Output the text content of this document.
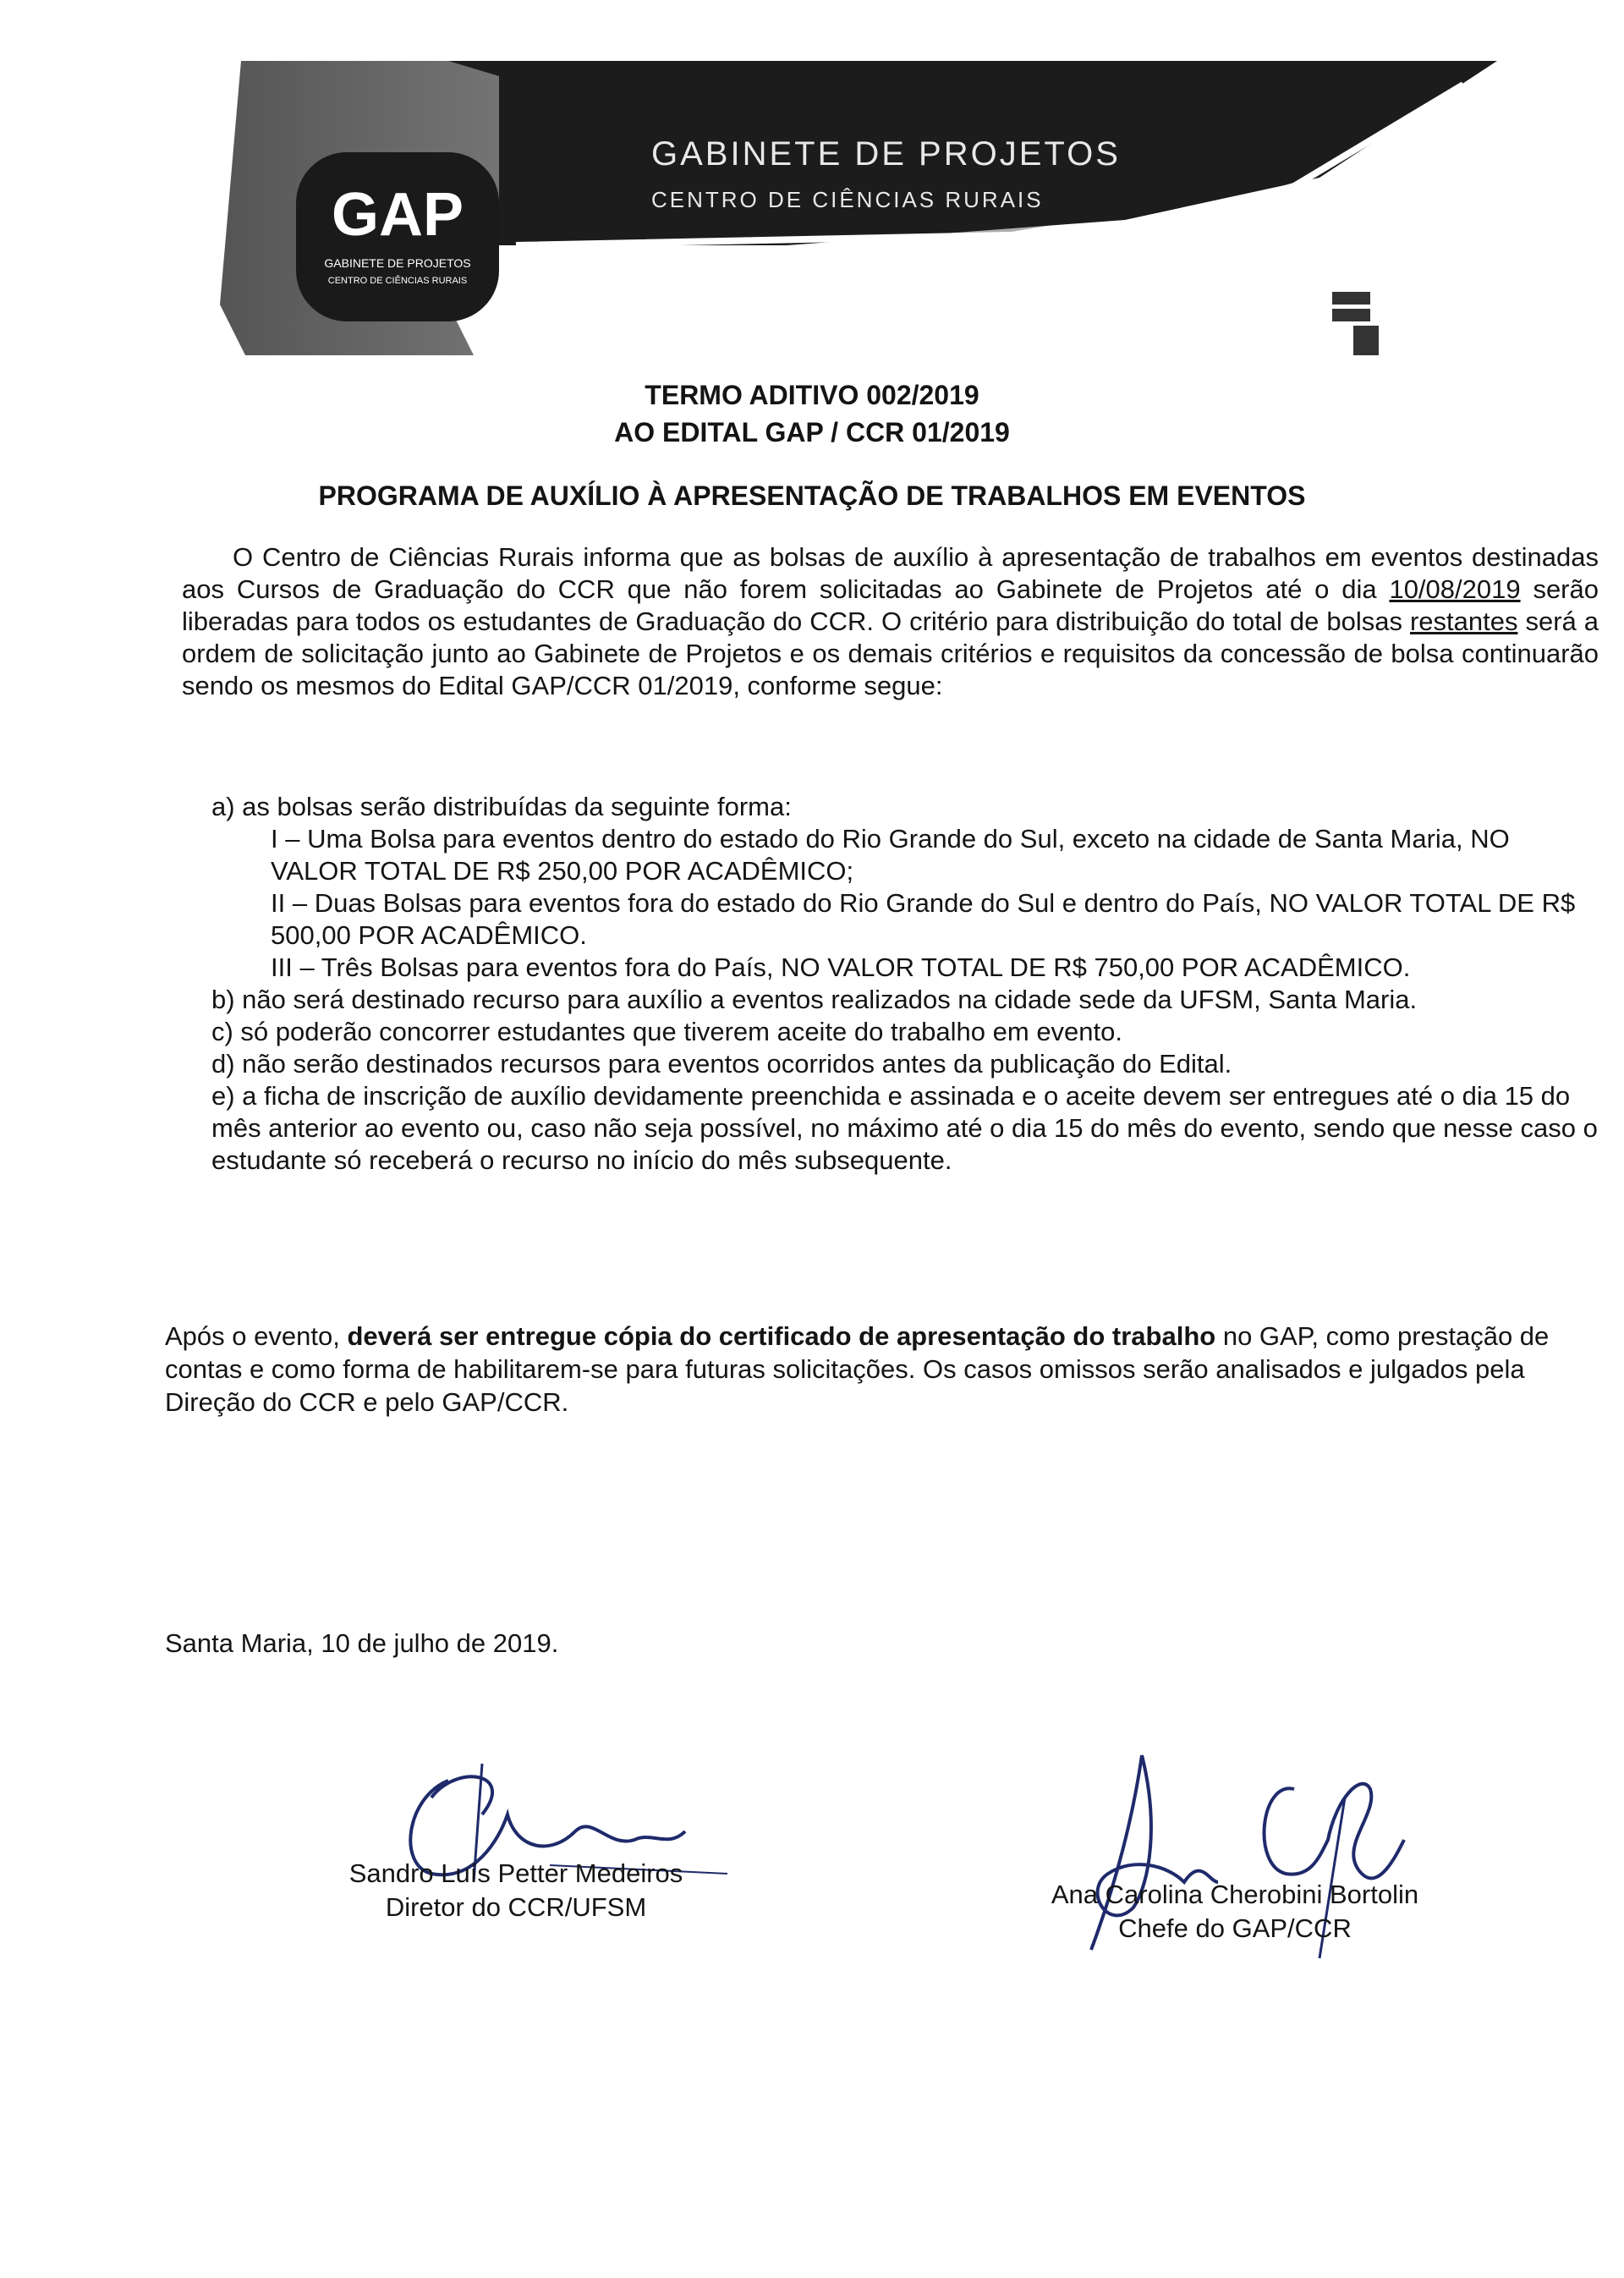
GAP
GABINETE DE PROJETOS
CENTRO DE CIÊNCIAS RURAIS
GABINETE DE PROJETOS
CENTRO DE CIÊNCIAS RURAIS
TERMO ADITIVO 002/2019
AO EDITAL GAP / CCR 01/2019
PROGRAMA DE AUXÍLIO À APRESENTAÇÃO DE TRABALHOS EM EVENTOS
O Centro de Ciências Rurais informa que as bolsas de auxílio à apresentação de trabalhos em eventos destinadas aos Cursos de Graduação do CCR que não forem solicitadas ao Gabinete de Projetos até o dia 10/08/2019 serão liberadas para todos os estudantes de Graduação do CCR. O critério para distribuição do total de bolsas restantes será a ordem de solicitação junto ao Gabinete de Projetos e os demais critérios e requisitos da concessão de bolsa continuarão sendo os mesmos do Edital GAP/CCR 01/2019, conforme segue:
a) as bolsas serão distribuídas da seguinte forma:
I – Uma Bolsa para eventos dentro do estado do Rio Grande do Sul, exceto na cidade de Santa Maria, NO VALOR TOTAL DE R$ 250,00 POR ACADÊMICO;
II – Duas Bolsas para eventos fora do estado do Rio Grande do Sul e dentro do País, NO VALOR TOTAL DE R$ 500,00 POR ACADÊMICO.
III – Três Bolsas para eventos fora do País, NO VALOR TOTAL DE R$ 750,00 POR ACADÊMICO.
b) não será destinado recurso para auxílio a eventos realizados na cidade sede da UFSM, Santa Maria.
c) só poderão concorrer estudantes que tiverem aceite do trabalho em evento.
d) não serão destinados recursos para eventos ocorridos antes da publicação do Edital.
e) a ficha de inscrição de auxílio devidamente preenchida e assinada e o aceite devem ser entregues até o dia 15 do mês anterior ao evento ou, caso não seja possível, no máximo até o dia 15 do mês do evento, sendo que nesse caso o estudante só receberá o recurso no início do mês subsequente.
Após o evento, deverá ser entregue cópia do certificado de apresentação do trabalho no GAP, como prestação de contas e como forma de habilitarem-se para futuras solicitações. Os casos omissos serão analisados e julgados pela Direção do CCR e pelo GAP/CCR.
Santa Maria, 10 de julho de 2019.
Sandro Luís Petter Medeiros
Diretor do CCR/UFSM	Ana Carolina Cherobini Bortolin
Chefe do GAP/CCR
